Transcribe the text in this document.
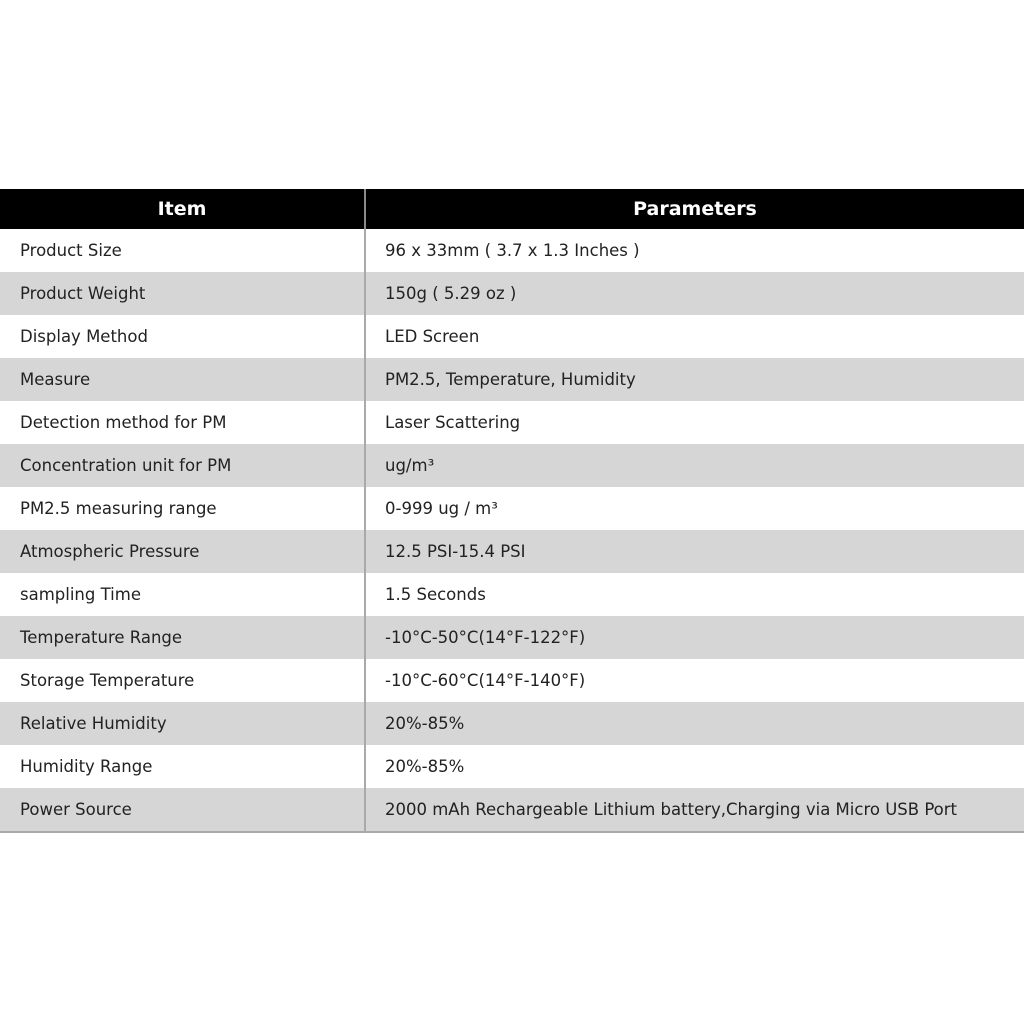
Item	Parameters
Product Size	96 x 33mm ( 3.7 x 1.3 Inches )
Product Weight	150g ( 5.29 oz )
Display Method	LED Screen
Measure	PM2.5, Temperature, Humidity
Detection method for PM	Laser Scattering
Concentration unit for PM	ug/m³
PM2.5 measuring range	0-999 ug / m³
Atmospheric Pressure	12.5 PSI-15.4 PSI
sampling Time	1.5 Seconds
Temperature Range	-10°C-50°C(14°F-122°F)
Storage Temperature	-10°C-60°C(14°F-140°F)
Relative Humidity	20%-85%
Humidity Range	20%-85%
Power Source	2000 mAh Rechargeable Lithium battery,Charging via Micro USB Port
